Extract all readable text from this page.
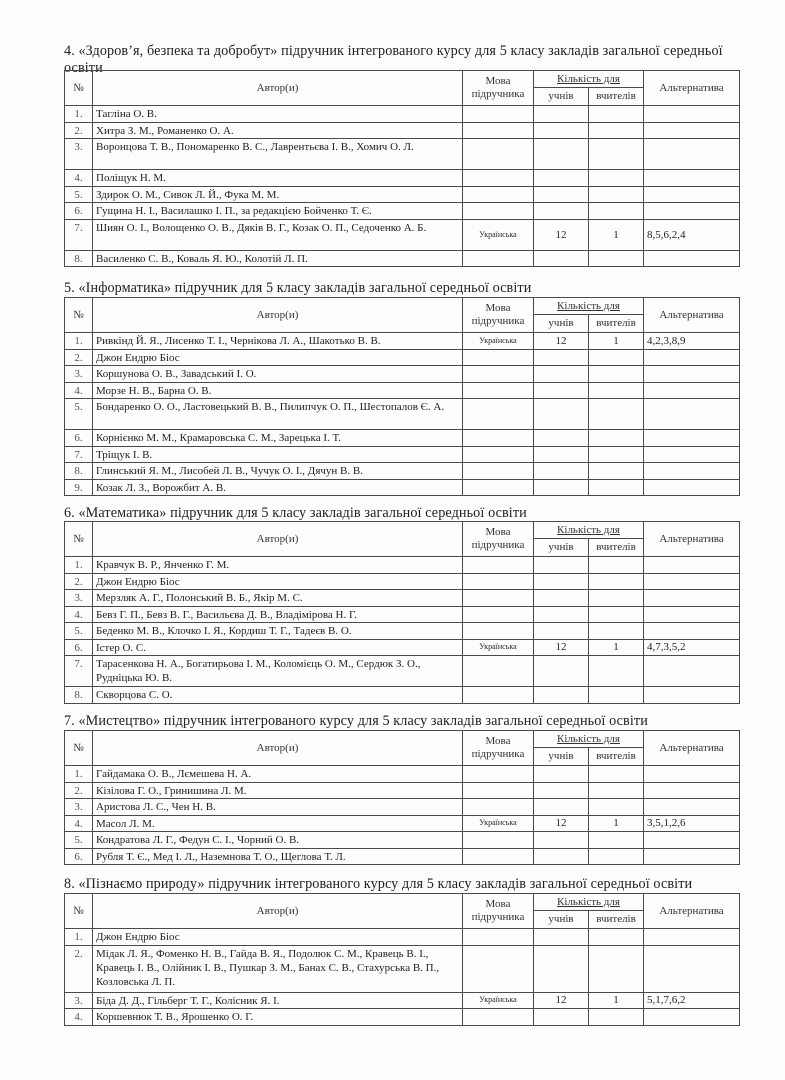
4. «Здоров’я, безпека та добробут» підручник інтегрованого курсу для 5 класу закладів загальної середньої освіти
№	Автор(и)	Мова підручника	Кількість для		Альтернатива
			учнів	вчителів	
1.	Тагліна О. В.				
2.	Хитра З. М., Романенко О. А.				
3.	Воронцова Т. В., Пономаренко В. С., Лаврентьєва І. В., Хомич О. Л.				
4.	Поліщук Н. М.				
5.	Здирок О. М., Сивок Л. Й., Фука М. М.				
6.	Гущина Н. І., Василашко І. П., за редакцією Бойченко Т. Є.				
7.	Шиян О. І., Волощенко О. В., Дяків В. Г., Козак О. П., Седоченко А. Б.	Українська	12	1	8,5,6,2,4
8.	Василенко С. В., Коваль Я. Ю., Колотій Л. П.				
5. «Інформатика» підручник для 5 класу закладів загальної середньої освіти
№	Автор(и)	Мова підручника	Кількість для		Альтернатива
			учнів	вчителів	
1.	Ривкінд Й. Я., Лисенко Т. І., Чернікова Л. А., Шакотько В. В.	Українська	12	1	4,2,3,8,9
2.	Джон Ендрю Біос				
3.	Коршунова О. В., Завадський І. О.				
4.	Морзе Н. В., Барна О. В.				
5.	Бондаренко О. О., Ластовецький В. В., Пилипчук О. П., Шестопалов Є. А.				
6.	Корнієнко М. М., Крамаровська С. М., Зарецька І. Т.				
7.	Тріщук І. В.				
8.	Глинський Я. М., Лисобей Л. В., Чучук О. І., Дячун В. В.				
9.	Козак Л. З., Ворожбит А. В.				
6. «Математика» підручник для 5 класу закладів загальної середньої освіти
№	Автор(и)	Мова підручника	Кількість для		Альтернатива
			учнів	вчителів	
1.	Кравчук В. Р., Янченко Г. М.				
2.	Джон Ендрю Біос				
3.	Мерзляк А. Г., Полонський В. Б., Якір М. С.				
4.	Бевз Г. П., Бевз В. Г., Васильєва Д. В., Владімірова Н. Г.				
5.	Беденко М. В., Клочко І. Я., Кордиш Т. Г., Тадеєв В. О.				
6.	Істер О. С.	Українська	12	1	4,7,3,5,2
7.	Тарасенкова Н. А., Богатирьова І. М., Коломієць О. М., Сердюк З. О., Рудніцька Ю. В.				
8.	Скворцова С. О.				
7. «Мистецтво» підручник інтегрованого курсу для 5 класу закладів загальної середньої освіти
№	Автор(и)	Мова підручника	Кількість для		Альтернатива
			учнів	вчителів	
1.	Гайдамака О. В., Лємешева Н. А.				
2.	Кізілова Г. О., Гринишина Л. М.				
3.	Аристова Л. С., Чен Н. В.				
4.	Масол Л. М.	Українська	12	1	3,5,1,2,6
5.	Кондратова Л. Г., Федун С. І., Чорний О. В.				
6.	Рубля Т. Є., Мед І. Л., Наземнова Т. О., Щеглова Т. Л.				
8. «Пізнаємо природу» підручник інтегрованого курсу для 5 класу закладів загальної середньої освіти
№	Автор(и)	Мова підручника	Кількість для		Альтернатива
			учнів	вчителів	
1.	Джон Ендрю Біос				
2.	Мідак Л. Я., Фоменко Н. В., Гайда В. Я., Подолюк С. М., Кравець В. І., Кравець І. В., Олійник І. В., Пушкар З. М., Банах С. В., Стахурська В. П., Козловська Л. П.				
3.	Біда Д. Д., Гільберг Т. Г., Колісник Я. І.	Українська	12	1	5,1,7,6,2
4.	Коршевнюк Т. В., Ярошенко О. Г.				
